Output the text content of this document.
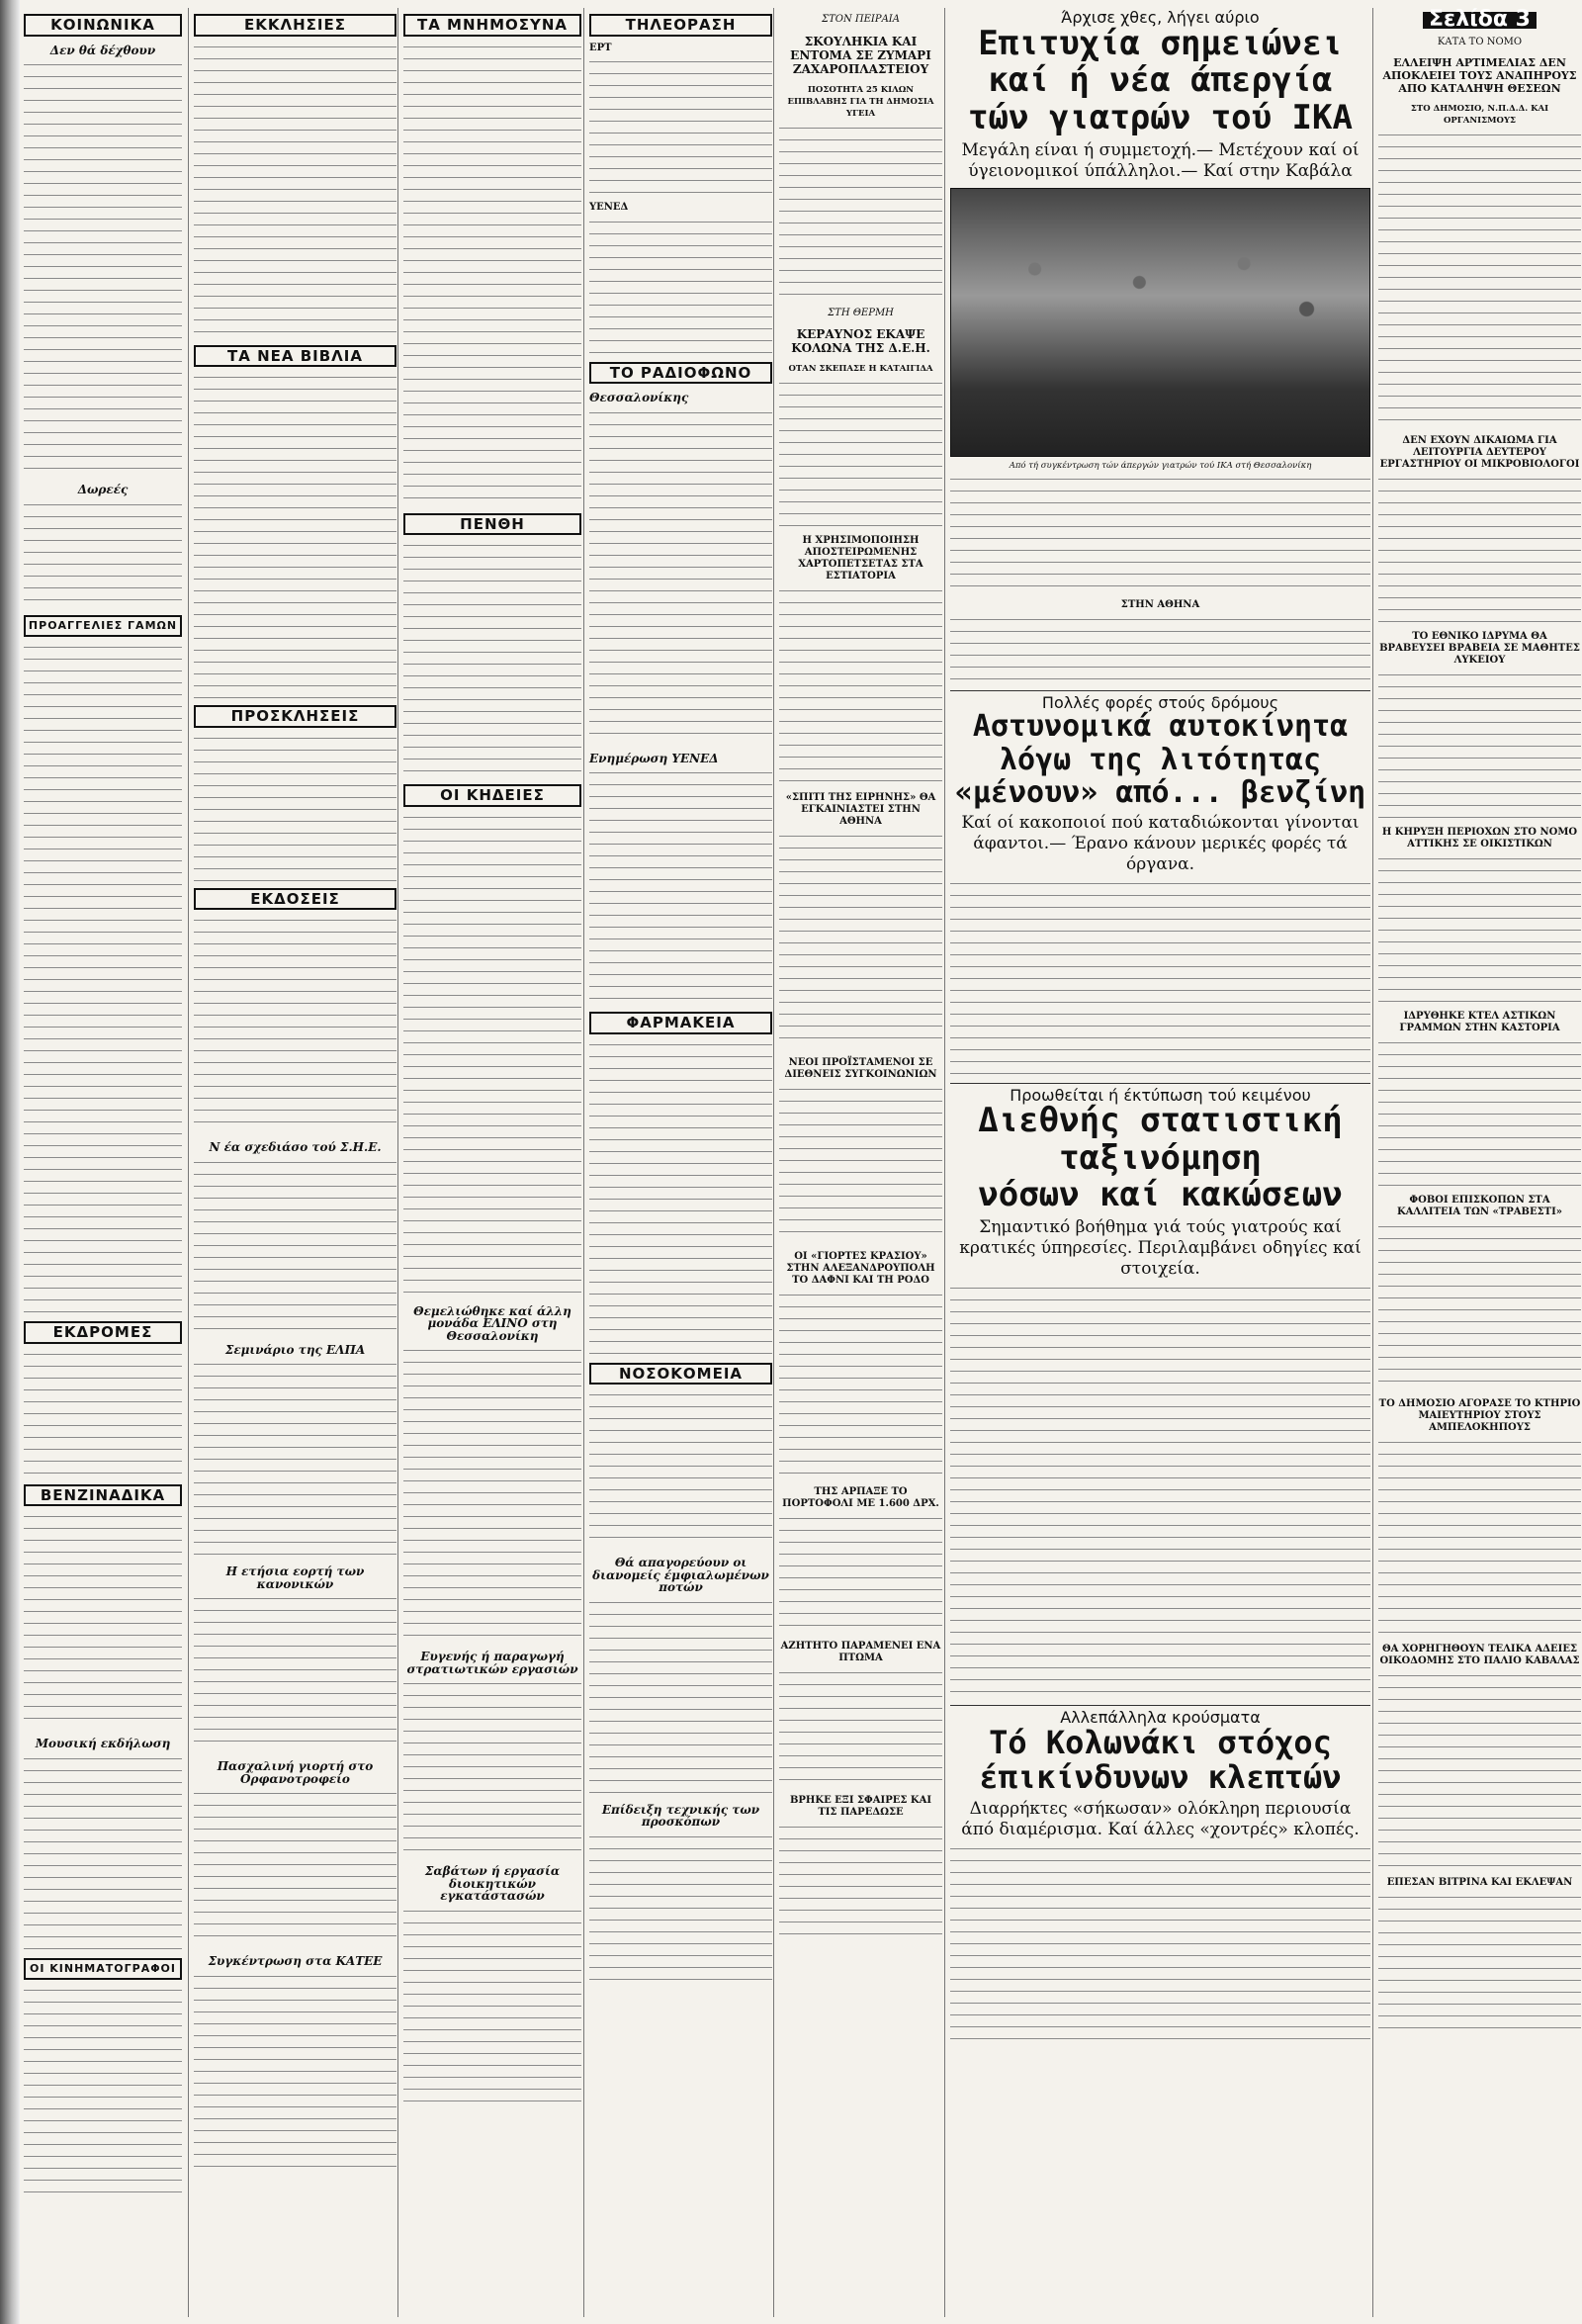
ΚΟΙΝΩΝΙΚΑ
Δεν θά δέχθουν
Δωρεές
ΠΡΟΑΓΓΕΛΙΕΣ ΓΑΜΩΝ
ΕΚΔΡΟΜΕΣ
ΒΕΝΖΙΝΑΔΙΚΑ
Μουσική εκδήλωση
ΟΙ ΚΙΝΗΜΑΤΟΓΡΑΦΟΙ
ΕΚΚΛΗΣΙΕΣ
ΤΑ ΝΕΑ ΒΙΒΛΙΑ
ΠΡΟΣΚΛΗΣΕΙΣ
ΕΚΔΟΣΕΙΣ
Ν έα σχεδιάσο τού Σ.Η.Ε.
Σεμινάριο της ΕΛΠΑ
Η ετήσια εορτή των κανονικών
Πασχαλινή γιορτή στο Ορφανοτροφείο
Συγκέντρωση στα ΚΑΤΕΕ
ΤΑ ΜΝΗΜΟΣΥΝΑ
ΠΕΝΘΗ
ΟΙ ΚΗΔΕΙΕΣ
Θεμελιώθηκε καί άλλη μονάδα ΕΛΙΝΟ στη Θεσσαλονίκη
Ευγενής ή παραγωγή στρατιωτικών εργασιών
Σαβάτων ή εργασία διοικητικών εγκατάστασών
ΤΗΛΕΟΡΑΣΗ
ΕΡΤ
ΥΕΝΕΔ
ΤΟ ΡΑΔΙΟΦΩΝΟ
Θεσσαλονίκης
Ενημέρωση ΥΕΝΕΔ
ΦΑΡΜΑΚΕΙΑ
ΝΟΣΟΚΟΜΕΙΑ
Θά απαγορεύουν οι διανομείς έμφιαλωμένων ποτών
Επίδειξη τεχνικής των προσκόπων
ΣΤΟΝ ΠΕΙΡΑΙΑ
ΣΚΟΥΛΗΚΙΑ ΚΑΙ ΕΝΤΟΜΑ ΣΕ ΖΥΜΑΡΙ ΖΑΧΑΡΟΠΛΑΣΤΕΙΟΥ
ΠΟΣΟΤΗΤΑ 25 ΚΙΛΩΝ ΕΠΙΒΛΑΒΗΣ ΓΙΑ ΤΗ ΔΗΜΟΣΙΑ ΥΓΕΙΑ
ΣΤΗ ΘΕΡΜΗ
ΚΕΡΑΥΝΟΣ ΕΚΑΨΕ ΚΟΛΩΝΑ ΤΗΣ Δ.Ε.Η.
ΟΤΑΝ ΣΚΕΠΑΣΕ Η ΚΑΤΑΙΓΙΔΑ
Η ΧΡΗΣΙΜΟΠΟΙΗΣΗ ΑΠΟΣΤΕΙΡΩΜΕΝΗΣ ΧΑΡΤΟΠΕΤΣΕΤΑΣ ΣΤΑ ΕΣΤΙΑΤΟΡΙΑ
«ΣΠΙΤΙ ΤΗΣ ΕΙΡΗΝΗΣ» ΘΑ ΕΓΚΑΙΝΙΑΣΤΕΙ ΣΤΗΝ ΑΘΗΝΑ
ΝΕΟΙ ΠΡΟΪΣΤΑΜΕΝΟΙ ΣΕ ΔΙΕΘΝΕΙΣ ΣΥΓΚΟΙΝΩΝΙΩΝ
ΟΙ «ΓΙΟΡΤΕΣ ΚΡΑΣΙΟΥ» ΣΤΗΝ ΑΛΕΞΑΝΔΡΟΥΠΟΛΗ ΤΟ ΔΑΦΝΙ ΚΑΙ ΤΗ ΡΟΔΟ
ΤΗΣ ΑΡΠΑΞΕ ΤΟ ΠΟΡΤΟΦΟΛΙ ΜΕ 1.600 ΔΡΧ.
ΑΖΗΤΗΤΟ ΠΑΡΑΜΕΝΕΙ ΕΝΑ ΠΤΩΜΑ
ΒΡΗΚΕ ΕΞΙ ΣΦΑΙΡΕΣ ΚΑΙ ΤΙΣ ΠΑΡΕΔΩΣΕ
Άρχισε χθες, λήγει αύριο
Επιτυχία σημειώνει
καί ή νέα άπεργία
τών γιατρών τού ΙΚΑ
Μεγάλη είναι ή συμμετοχή.— Μετέχουν καί οί ύγειονομικοί ύπάλληλοι.— Καί στην Καβάλα
Από τή συγκέντρωση τών άπεργών γιατρών τού ΙΚΑ στή Θεσσαλονίκη
ΣΤΗΝ ΑΘΗΝΑ
Πολλές φορές στούς δρόμους
Αστυνομικά αυτοκίνητα
λόγω της λιτότητας
«μένουν» από... βενζίνη
Καί οί κακοποιοί πού καταδιώκονται γίνονται άφαντοι.— Έρανο κάνουν μερικές φορές τά όργανα.
Προωθείται ή έκτύπωση τού κειμένου
Διεθνής στατιστική
ταξινόμηση
νόσων καί κακώσεων
Σημαντικό βοήθημα γιά τούς γιατρούς καί κρατικές ύπηρεσίες. Περιλαμβάνει οδηγίες καί στοιχεία.
Αλλεπάλληλα κρούσματα
Τό Κολωνάκι στόχος
έπικίνδυνων κλεπτών
Διαρρήκτες «σήκωσαν» ολόκληρη περιουσία άπό διαμέρισμα. Καί άλλες «χοντρές» κλοπές.
Σελίδα 3
ΚΑΤΑ ΤΟ ΝΟΜΟ
ΕΛΛΕΙΨΗ ΑΡΤΙΜΕΛΙΑΣ ΔΕΝ ΑΠΟΚΛΕΙΕΙ ΤΟΥΣ ΑΝΑΠΗΡΟΥΣ ΑΠΟ ΚΑΤΑΛΗΨΗ ΘΕΣΕΩΝ
ΣΤΟ ΔΗΜΟΣΙΟ, Ν.Π.Δ.Δ. ΚΑΙ ΟΡΓΑΝΙΣΜΟΥΣ
ΔΕΝ ΕΧΟΥΝ ΔΙΚΑΙΩΜΑ ΓΙΑ ΛΕΙΤΟΥΡΓΙΑ ΔΕΥΤΕΡΟΥ ΕΡΓΑΣΤΗΡΙΟΥ ΟΙ ΜΙΚΡΟΒΙΟΛΟΓΟΙ
ΤΟ ΕΘΝΙΚΟ ΙΔΡΥΜΑ ΘΑ ΒΡΑΒΕΥΣΕΙ ΒΡΑΒΕΙΑ ΣΕ ΜΑΘΗΤΕΣ ΛΥΚΕΙΟΥ
Η ΚΗΡΥΞΗ ΠΕΡΙΟΧΩΝ ΣΤΟ ΝΟΜΟ ΑΤΤΙΚΗΣ ΣΕ ΟΙΚΙΣΤΙΚΩΝ
ΙΔΡΥΘΗΚΕ ΚΤΕΛ ΑΣΤΙΚΩΝ ΓΡΑΜΜΩΝ ΣΤΗΝ ΚΑΣΤΟΡΙΑ
ΦΟΒΟΙ ΕΠΙΣΚΟΠΩΝ ΣΤΑ ΚΑΛΛΙΤΕΙΑ ΤΩΝ «ΤΡΑΒΕΣΤΙ»
ΤΟ ΔΗΜΟΣΙΟ ΑΓΟΡΑΣΕ ΤΟ ΚΤΗΡΙΟ ΜΑΙΕΥΤΗΡΙΟΥ ΣΤΟΥΣ ΑΜΠΕΛΟΚΗΠΟΥΣ
ΘΑ ΧΟΡΗΓΗΘΟΥΝ ΤΕΛΙΚΑ ΑΔΕΙΕΣ ΟΙΚΟΔΟΜΗΣ ΣΤΟ ΠΑΛΙΟ ΚΑΒΑΛΑΣ
ΕΠΕΣΑΝ ΒΙΤΡΙΝΑ ΚΑΙ ΕΚΛΕΨΑΝ
